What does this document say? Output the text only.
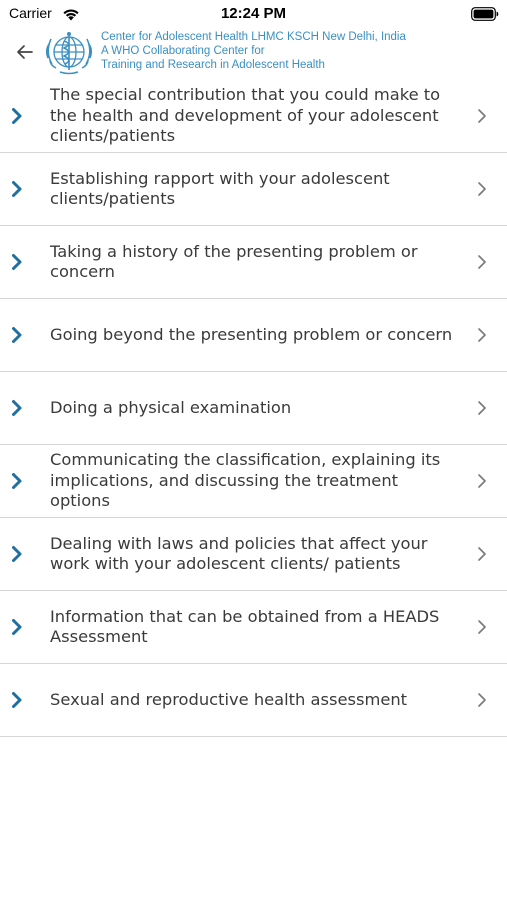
Carrier	12:24 PM
Center for Adolescent Health LHMC KSCH New Delhi, India
A WHO Collaborating Center for
Training and Research in Adolescent Health
The special contribution that you could make to the health and development of your adolescent clients/patients
Establishing rapport with your adolescent clients/patients
Taking a history of the presenting problem or concern
Going beyond the presenting problem or concern
Doing a physical examination
Communicating the classification, explaining its implications, and discussing the treatment options
Dealing with laws and policies that affect your work with your adolescent clients/ patients
Information that can be obtained from a HEADS Assessment
Sexual and reproductive health assessment
